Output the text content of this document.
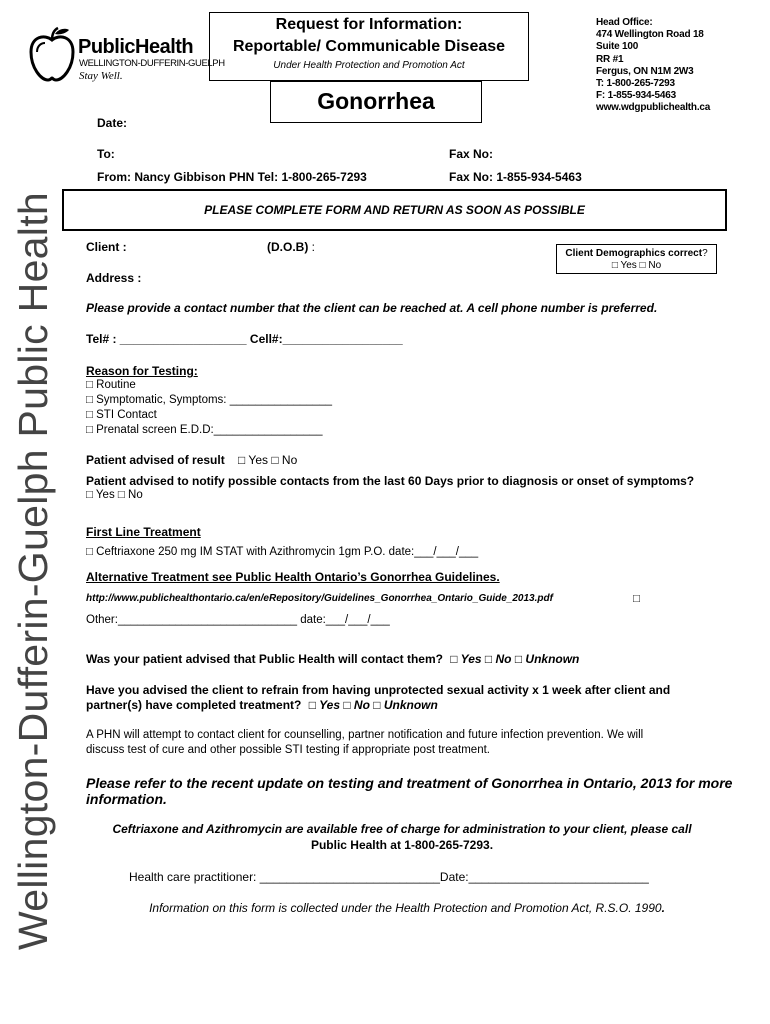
Wellington-Dufferin-Guelph Public Health
PublicHealth
WELLINGTON-DUFFERIN-GUELPH
Stay Well.
Request for Information:
Reportable/ Communicable Disease
Under Health Protection and Promotion Act
Gonorrhea
Head Office:
474 Wellington Road 18
Suite 100
RR #1
Fergus, ON N1M 2W3
T: 1-800-265-7293
F: 1-855-934-5463
www.wdgpublichealth.ca
Date:
To:	Fax No:
From: Nancy Gibbison PHN Tel: 1-800-265-7293	Fax No: 1-855-934-5463
PLEASE COMPLETE FORM AND RETURN AS SOON AS POSSIBLE
Client :	(D.O.B) :
Address :
Client Demographics correct?
□ Yes □ No
Please provide a contact number that the client can be reached at. A cell phone number is preferred.
Tel# : ___________________ Cell#:__________________
Reason for Testing:
□ Routine
□ Symptomatic, Symptoms: ________________
□ STI Contact
□ Prenatal screen E.D.D:_________________
Patient advised of result □ Yes □ No
Patient advised to notify possible contacts from the last 60 Days prior to diagnosis or onset of symptoms?
□ Yes □ No
First Line Treatment
□ Ceftriaxone 250 mg IM STAT with Azithromycin 1gm P.O. date:___/___/___
Alternative Treatment see Public Health Ontario’s Gonorrhea Guidelines.
http://www.publichealthontario.ca/en/eRepository/Guidelines_Gonorrhea_Ontario_Guide_2013.pdf	□
Other:____________________________ date:___/___/___
Was your patient advised that Public Health will contact them? □ Yes □ No □ Unknown
Have you advised the client to refrain from having unprotected sexual activity x 1 week after client and
partner(s) have completed treatment? □ Yes □ No □ Unknown
A PHN will attempt to contact client for counselling, partner notification and future infection prevention. We will
discuss test of cure and other possible STI testing if appropriate post treatment.
Please refer to the recent update on testing and treatment of Gonorrhea in Ontario, 2013 for more
information.
Ceftriaxone and Azithromycin are available free of charge for administration to your client, please call
Public Health at 1-800-265-7293.
Health care practitioner: ___________________________Date:___________________________
Information on this form is collected under the Health Protection and Promotion Act, R.S.O. 1990.
